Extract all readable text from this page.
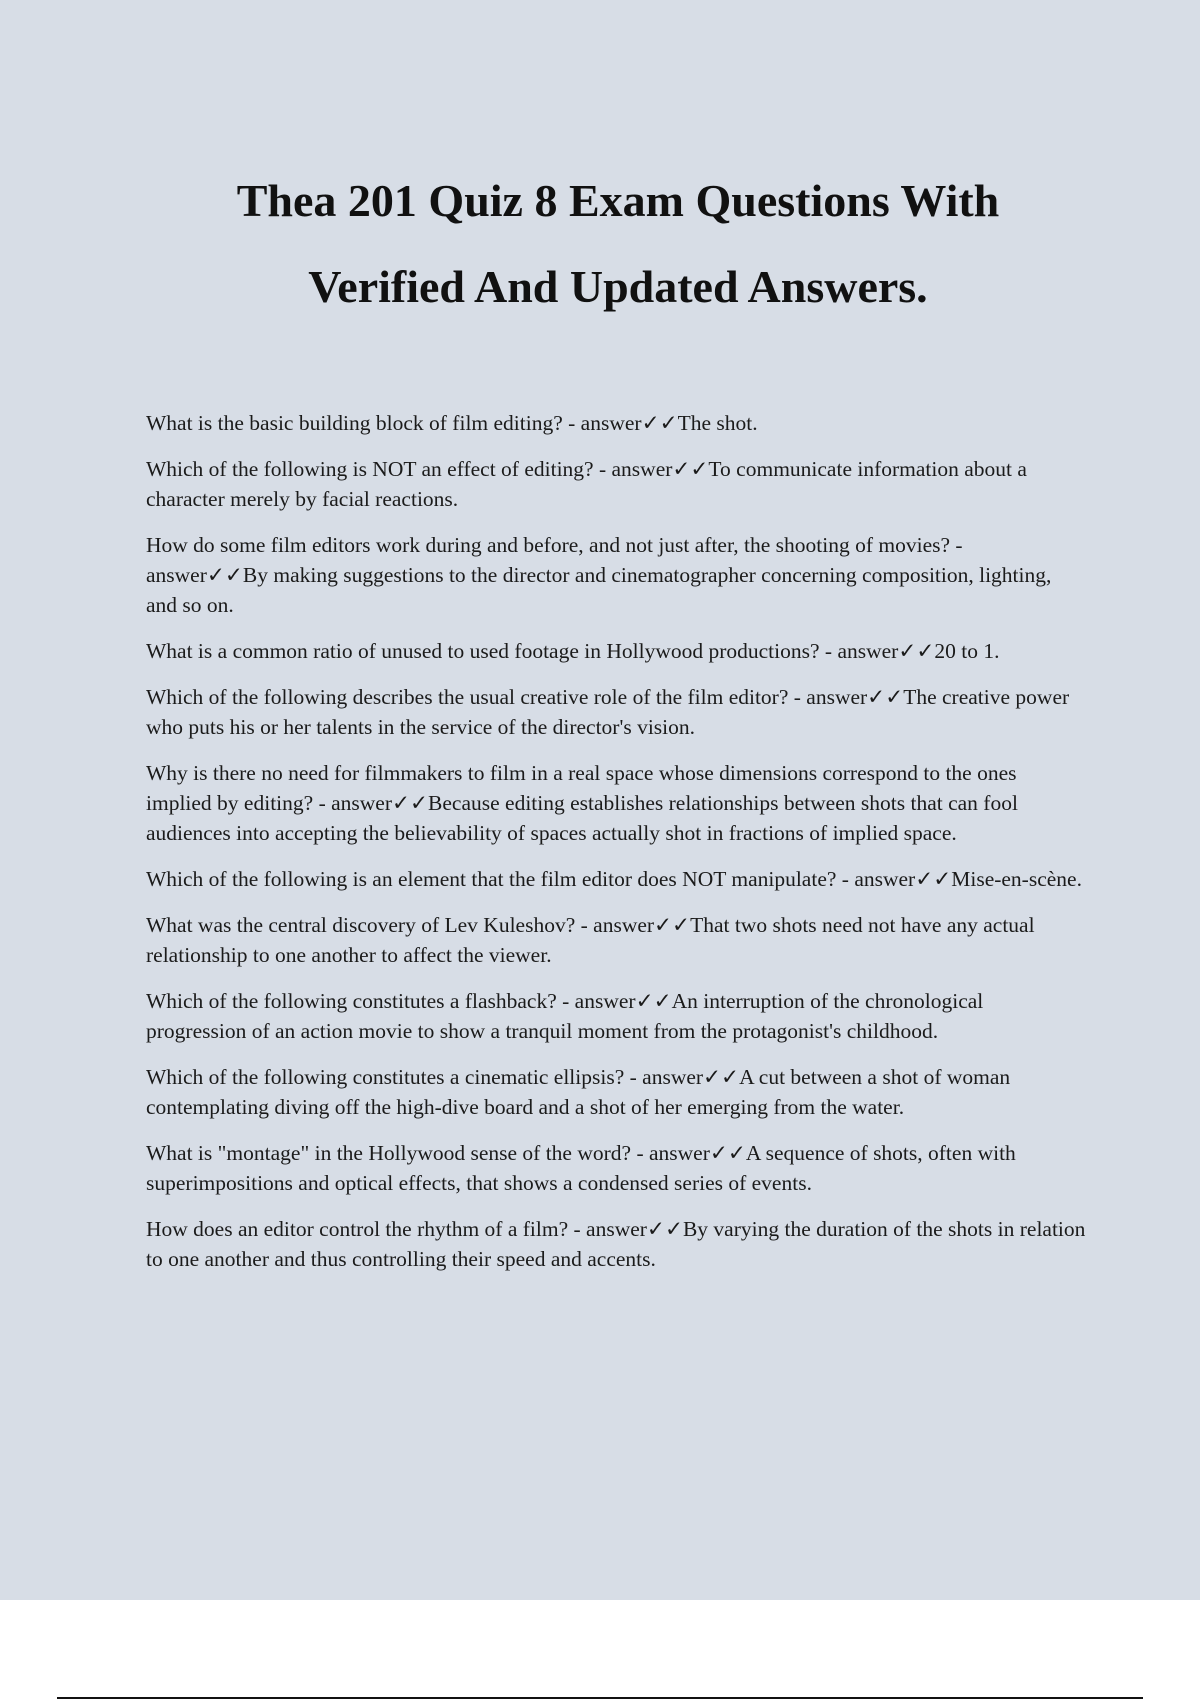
Thea 201 Quiz 8 Exam Questions With
Verified And Updated Answers.

What is the basic building block of film editing? - answer✓✓The shot.

Which of the following is NOT an effect of editing? - answer✓✓To communicate information about a character merely by facial reactions.

How do some film editors work during and before, and not just after, the shooting of movies? - answer✓✓By making suggestions to the director and cinematographer concerning composition, lighting, and so on.

What is a common ratio of unused to used footage in Hollywood productions? - answer✓✓20 to 1.

Which of the following describes the usual creative role of the film editor? - answer✓✓The creative power who puts his or her talents in the service of the director's vision.

Why is there no need for filmmakers to film in a real space whose dimensions correspond to the ones implied by editing? - answer✓✓Because editing establishes relationships between shots that can fool audiences into accepting the believability of spaces actually shot in fractions of implied space.

Which of the following is an element that the film editor does NOT manipulate? - answer✓✓Mise-en-scène.

What was the central discovery of Lev Kuleshov? - answer✓✓That two shots need not have any actual relationship to one another to affect the viewer.

Which of the following constitutes a flashback? - answer✓✓An interruption of the chronological progression of an action movie to show a tranquil moment from the protagonist's childhood.

Which of the following constitutes a cinematic ellipsis? - answer✓✓A cut between a shot of woman contemplating diving off the high-dive board and a shot of her emerging from the water.

What is "montage" in the Hollywood sense of the word? - answer✓✓A sequence of shots, often with superimpositions and optical effects, that shows a condensed series of events.

How does an editor control the rhythm of a film? - answer✓✓By varying the duration of the shots in relation to one another and thus controlling their speed and accents.
